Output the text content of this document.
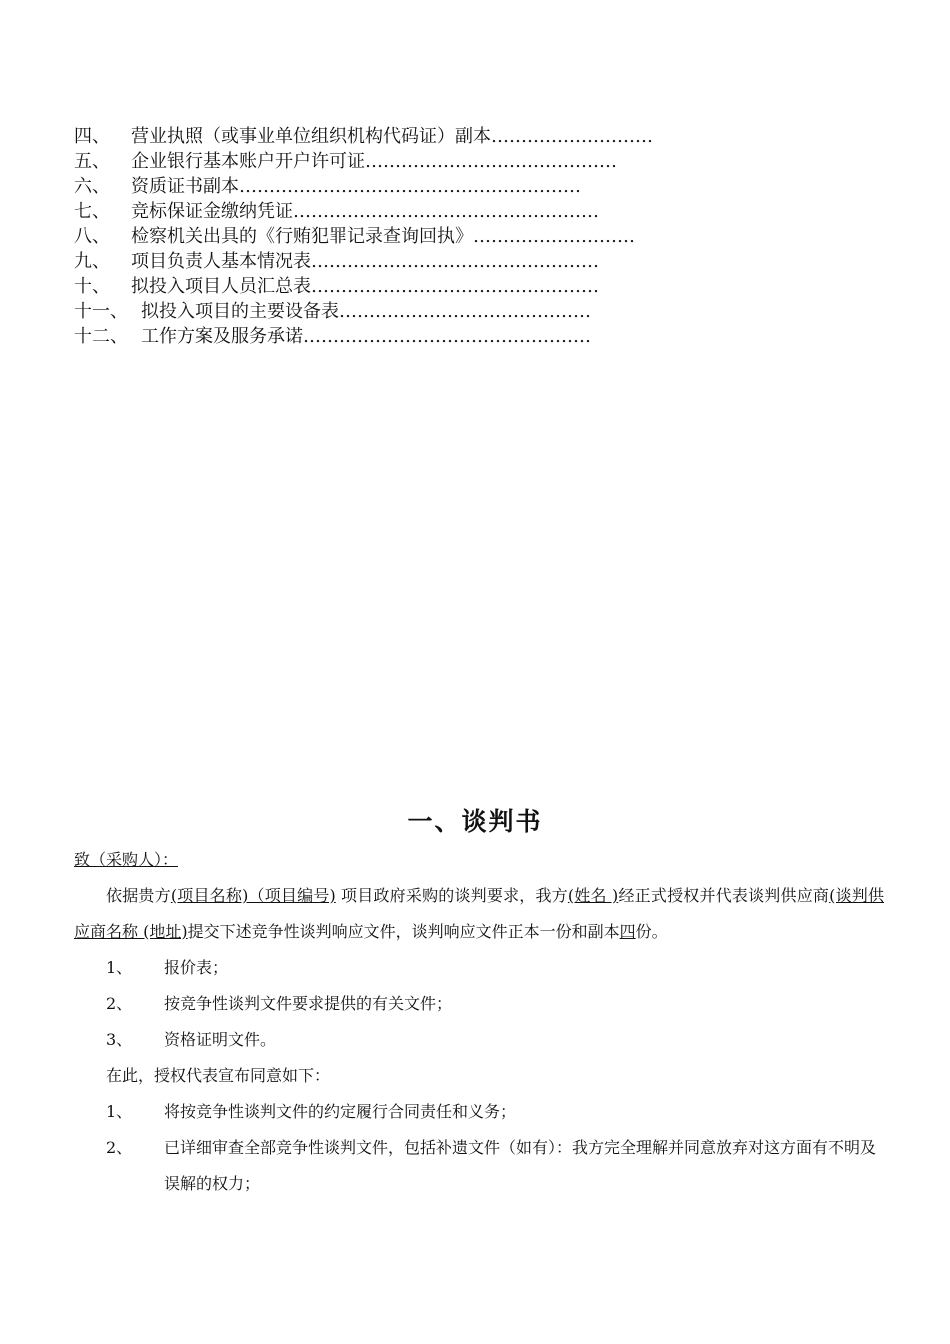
四、 营业执照（或事业单位组织机构代码证）副本………………………
五、 企业银行基本账户开户许可证……………………………………
六、 资质证书副本…………………………………………………
七、 竞标保证金缴纳凭证……………………………………………
八、 检察机关出具的《行贿犯罪记录查询回执》………………………
九、 项目负责人基本情况表…………………………………………
十、 拟投入项目人员汇总表…………………………………………
十一、 拟投入项目的主要设备表……………………………………
十二、 工作方案及服务承诺…………………………………………
一、谈判书
致（采购人）：
依据贵方(项目名称)（项目编号) 项目政府采购的谈判要求，我方(姓名 )经正式授权并代表谈判供应商(谈判供应商名称 (地址)提交下述竞争性谈判响应文件，谈判响应文件正本一份和副本四份。
1、 报价表；
2、 按竞争性谈判文件要求提供的有关文件；
3、 资格证明文件。
在此，授权代表宣布同意如下：
1、 将按竞争性谈判文件的约定履行合同责任和义务；
2、 已详细审查全部竞争性谈判文件，包括补遗文件（如有）：我方完全理解并同意放弃对这方面有不明及误解的权力；
